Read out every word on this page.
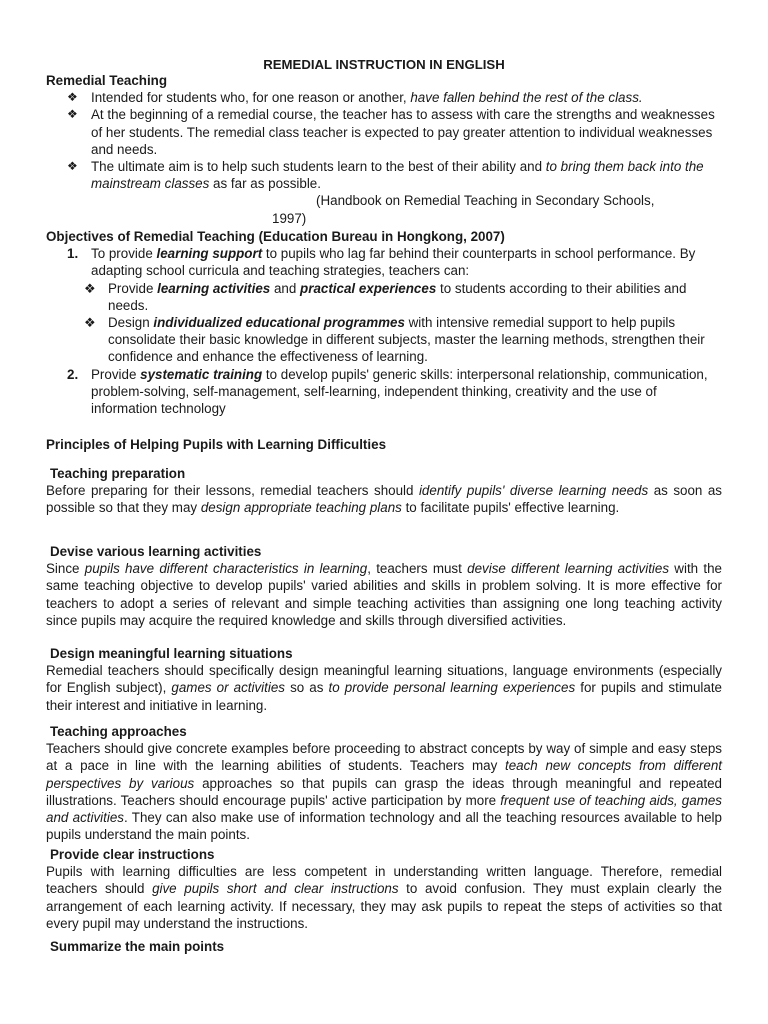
REMEDIAL INSTRUCTION IN ENGLISH

Remedial Teaching

❖ Intended for students who, for one reason or another, have fallen behind the rest of the class.
❖ At the beginning of a remedial course, the teacher has to assess with care the strengths and weaknesses of her students. The remedial class teacher is expected to pay greater attention to individual weaknesses and needs.
❖ The ultimate aim is to help such students learn to the best of their ability and to bring them back into the mainstream classes as far as possible.

(Handbook on Remedial Teaching in Secondary Schools,

1997)

Objectives of Remedial Teaching (Education Bureau in Hongkong, 2007)

1. To provide learning support to pupils who lag far behind their counterparts in school performance. By adapting school curricula and teaching strategies, teachers can:
❖ Provide learning activities and practical experiences to students according to their abilities and needs.
❖ Design individualized educational programmes with intensive remedial support to help pupils consolidate their basic knowledge in different subjects, master the learning methods, strengthen their confidence and enhance the effectiveness of learning.
2. Provide systematic training to develop pupils' generic skills: interpersonal relationship, communication, problem-solving, self-management, self-learning, independent thinking, creativity and the use of information technology

Principles of Helping Pupils with Learning Difficulties

Teaching preparation

Before preparing for their lessons, remedial teachers should identify pupils' diverse learning needs as soon as possible so that they may design appropriate teaching plans to facilitate pupils' effective learning.

Devise various learning activities

Since pupils have different characteristics in learning, teachers must devise different learning activities with the same teaching objective to develop pupils' varied abilities and skills in problem solving. It is more effective for teachers to adopt a series of relevant and simple teaching activities than assigning one long teaching activity since pupils may acquire the required knowledge and skills through diversified activities.

Design meaningful learning situations

Remedial teachers should specifically design meaningful learning situations, language environments (especially for English subject), games or activities so as to provide personal learning experiences for pupils and stimulate their interest and initiative in learning.

Teaching approaches

Teachers should give concrete examples before proceeding to abstract concepts by way of simple and easy steps at a pace in line with the learning abilities of students. Teachers may teach new concepts from different perspectives by various approaches so that pupils can grasp the ideas through meaningful and repeated illustrations. Teachers should encourage pupils' active participation by more frequent use of teaching aids, games and activities. They can also make use of information technology and all the teaching resources available to help pupils understand the main points.

Provide clear instructions

Pupils with learning difficulties are less competent in understanding written language. Therefore, remedial teachers should give pupils short and clear instructions to avoid confusion. They must explain clearly the arrangement of each learning activity. If necessary, they may ask pupils to repeat the steps of activities so that every pupil may understand the instructions.

Summarize the main points
